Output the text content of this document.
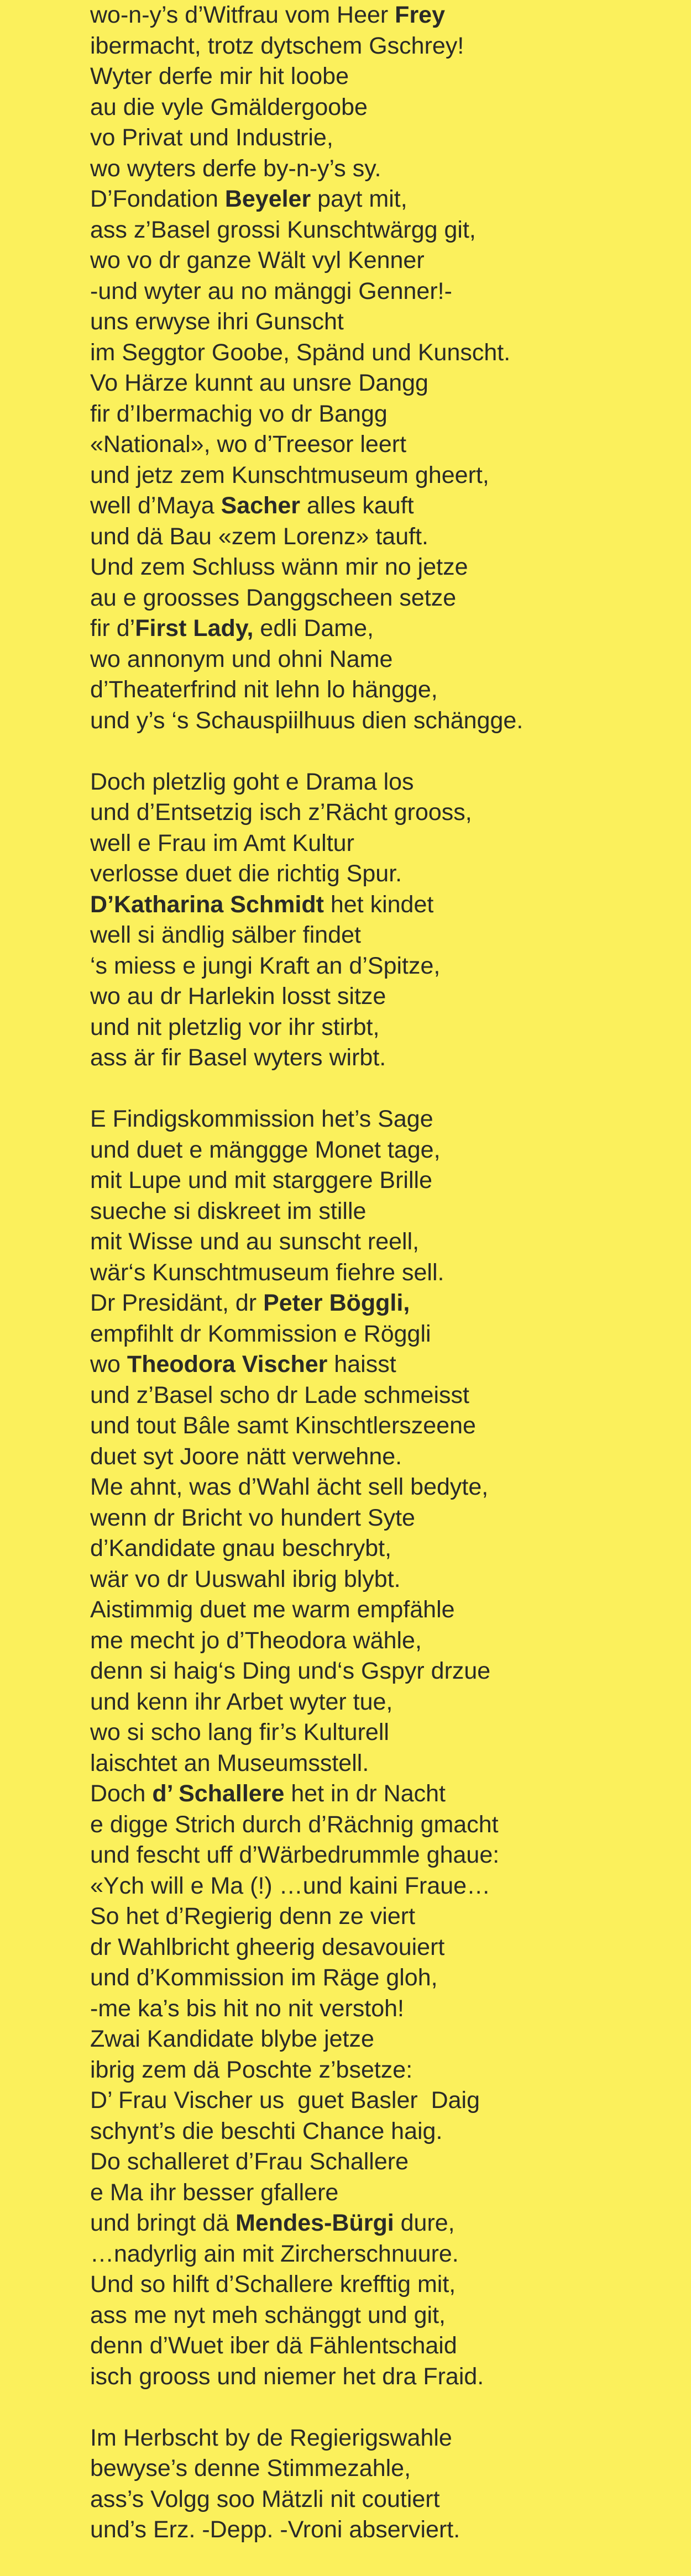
wo-n-y’s d’Witfrau vom Heer Frey
ibermacht, trotz dytschem Gschrey!
Wyter derfe mir hit loobe
au die vyle Gmäldergoobe
vo Privat und Industrie,
wo wyters derfe by-n-y’s sy.
D’Fondation Beyeler payt mit,
ass z’Basel grossi Kunschtwärgg git,
wo vo dr ganze Wält vyl Kenner
-und wyter au no mänggi Genner!-
uns erwyse ihri Gunscht
im Seggtor Goobe, Spänd und Kunscht.
Vo Härze kunnt au unsre Dangg
fir d’Ibermachig vo dr Bangg
«National», wo d’Treesor leert
und jetz zem Kunschtmuseum gheert,
well d’Maya Sacher alles kauft
und dä Bau «zem Lorenz» tauft.
Und zem Schluss wänn mir no jetze
au e groosses Danggscheen setze
fir d’First Lady, edli Dame,
wo annonym und ohni Name
d’Theaterfrind nit lehn lo hängge,
und y’s ‘s Schauspiilhuus dien schängge.
Doch pletzlig goht e Drama los
und d’Entsetzig isch z’Rächt grooss,
well e Frau im Amt Kultur
verlosse duet die richtig Spur.
D’Katharina Schmidt het kindet
well si ändlig sälber findet
‘s miess e jungi Kraft an d’Spitze,
wo au dr Harlekin losst sitze
und nit pletzlig vor ihr stirbt,
ass är fir Basel wyters wirbt.
E Findigskommission het’s Sage
und duet e mänggge Monet tage,
mit Lupe und mit starggere Brille
sueche si diskreet im stille
mit Wisse und au sunscht reell,
wär‘s Kunschtmuseum fiehre sell.
Dr Presidänt, dr Peter Böggli,
empfihlt dr Kommission e Röggli
wo Theodora Vischer haisst
und z’Basel scho dr Lade schmeisst
und tout Bâle samt Kinschtlerszeene
duet syt Joore nätt verwehne.
Me ahnt, was d’Wahl ächt sell bedyte,
wenn dr Bricht vo hundert Syte
d’Kandidate gnau beschrybt,
wär vo dr Uuswahl ibrig blybt.
Aistimmig duet me warm empfähle
me mecht jo d’Theodora wähle,
denn si haig‘s Ding und‘s Gspyr drzue
und kenn ihr Arbet wyter tue,
wo si scho lang fir’s Kulturell
laischtet an Museumsstell.
Doch d’ Schallere het in dr Nacht
e digge Strich durch d’Rächnig gmacht
und fescht uff d’Wärbedrummle ghaue:
«Ych will e Ma (!) …und kaini Fraue…
So het d’Regierig denn ze viert
dr Wahlbricht gheerig desavouiert
und d’Kommission im Räge gloh,
-me ka’s bis hit no nit verstoh!
Zwai Kandidate blybe jetze
ibrig zem dä Poschte z’bsetze:
D’ Frau Vischer us  guet Basler  Daig
schynt’s die beschti Chance haig.
Do schalleret d’Frau Schallere
e Ma ihr besser gfallere
und bringt dä Mendes-Bürgi dure,
…nadyrlig ain mit Zircherschnuure.
Und so hilft d’Schallere krefftig mit,
ass me nyt meh schänggt und git,
denn d’Wuet iber dä Fählentschaid
isch grooss und niemer het dra Fraid.
Im Herbscht by de Regierigswahle
bewyse’s denne Stimmezahle,
ass’s Volgg soo Mätzli nit coutiert
und’s Erz. -Depp. -Vroni abserviert.
